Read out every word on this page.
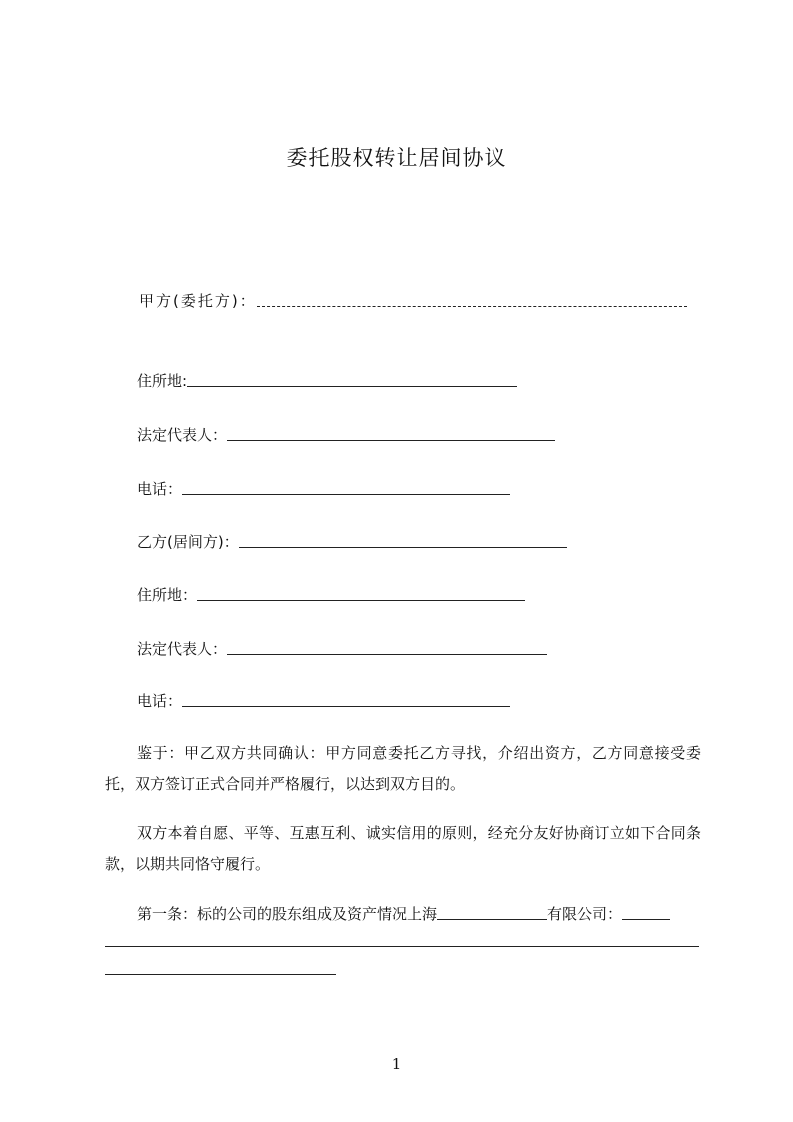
委托股权转让居间协议
甲方(委托方)：
住所地:
法定代表人：
电话：
乙方(居间方)：
住所地：
法定代表人：
电话：
鉴于：甲乙双方共同确认：甲方同意委托乙方寻找，介绍出资方，乙方同意接受委托，双方签订正式合同并严格履行，以达到双方目的。
双方本着自愿、平等、互惠互利、诚实信用的原则，经充分友好协商订立如下合同条款，以期共同恪守履行。
第一条：标的公司的股东组成及资产情况上海	有限公司：
1
